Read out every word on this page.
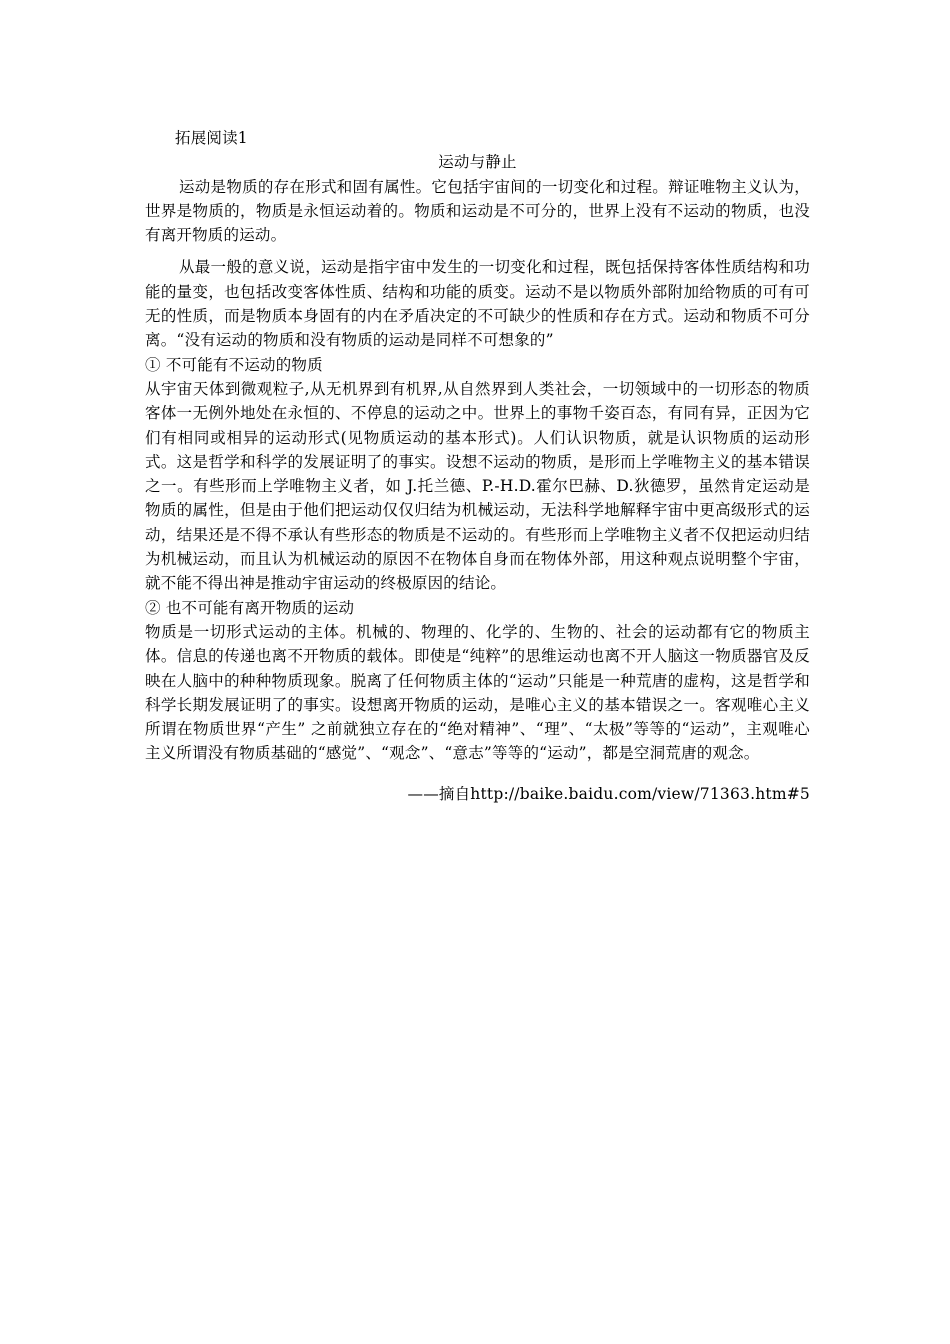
拓展阅读1

运动与静止

运动是物质的存在形式和固有属性。它包括宇宙间的一切变化和过程。辩证唯物主义认为，世界是物质的，物质是永恒运动着的。物质和运动是不可分的，世界上没有不运动的物质，也没有离开物质的运动。

从最一般的意义说，运动是指宇宙中发生的一切变化和过程，既包括保持客体性质结构和功能的量变，也包括改变客体性质、结构和功能的质变。运动不是以物质外部附加给物质的可有可无的性质，而是物质本身固有的内在矛盾决定的不可缺少的性质和存在方式。运动和物质不可分离。“没有运动的物质和没有物质的运动是同样不可想象的”

① 不可能有不运动的物质

从宇宙天体到微观粒子,从无机界到有机界,从自然界到人类社会，一切领域中的一切形态的物质客体一无例外地处在永恒的、不停息的运动之中。世界上的事物千姿百态，有同有异，正因为它们有相同或相异的运动形式(见物质运动的基本形式)。人们认识物质，就是认识物质的运动形式。这是哲学和科学的发展证明了的事实。设想不运动的物质，是形而上学唯物主义的基本错误之一。有些形而上学唯物主义者，如 J.托兰德、P.-H.D.霍尔巴赫、D.狄德罗，虽然肯定运动是物质的属性，但是由于他们把运动仅仅归结为机械运动，无法科学地解释宇宙中更高级形式的运动，结果还是不得不承认有些形态的物质是不运动的。有些形而上学唯物主义者不仅把运动归结为机械运动，而且认为机械运动的原因不在物体自身而在物体外部，用这种观点说明整个宇宙，就不能不得出神是推动宇宙运动的终极原因的结论。

② 也不可能有离开物质的运动

物质是一切形式运动的主体。机械的、物理的、化学的、生物的、社会的运动都有它的物质主体。信息的传递也离不开物质的载体。即使是“纯粹”的思维运动也离不开人脑这一物质器官及反映在人脑中的种种物质现象。脱离了任何物质主体的“运动”只能是一种荒唐的虚构，这是哲学和科学长期发展证明了的事实。设想离开物质的运动，是唯心主义的基本错误之一。客观唯心主义所谓在物质世界“产生” 之前就独立存在的“绝对精神”、“理”、“太极”等等的“运动”，主观唯心主义所谓没有物质基础的“感觉”、“观念”、“意志”等等的“运动”，都是空洞荒唐的观念。

——摘自http://baike.baidu.com/view/71363.htm#5
